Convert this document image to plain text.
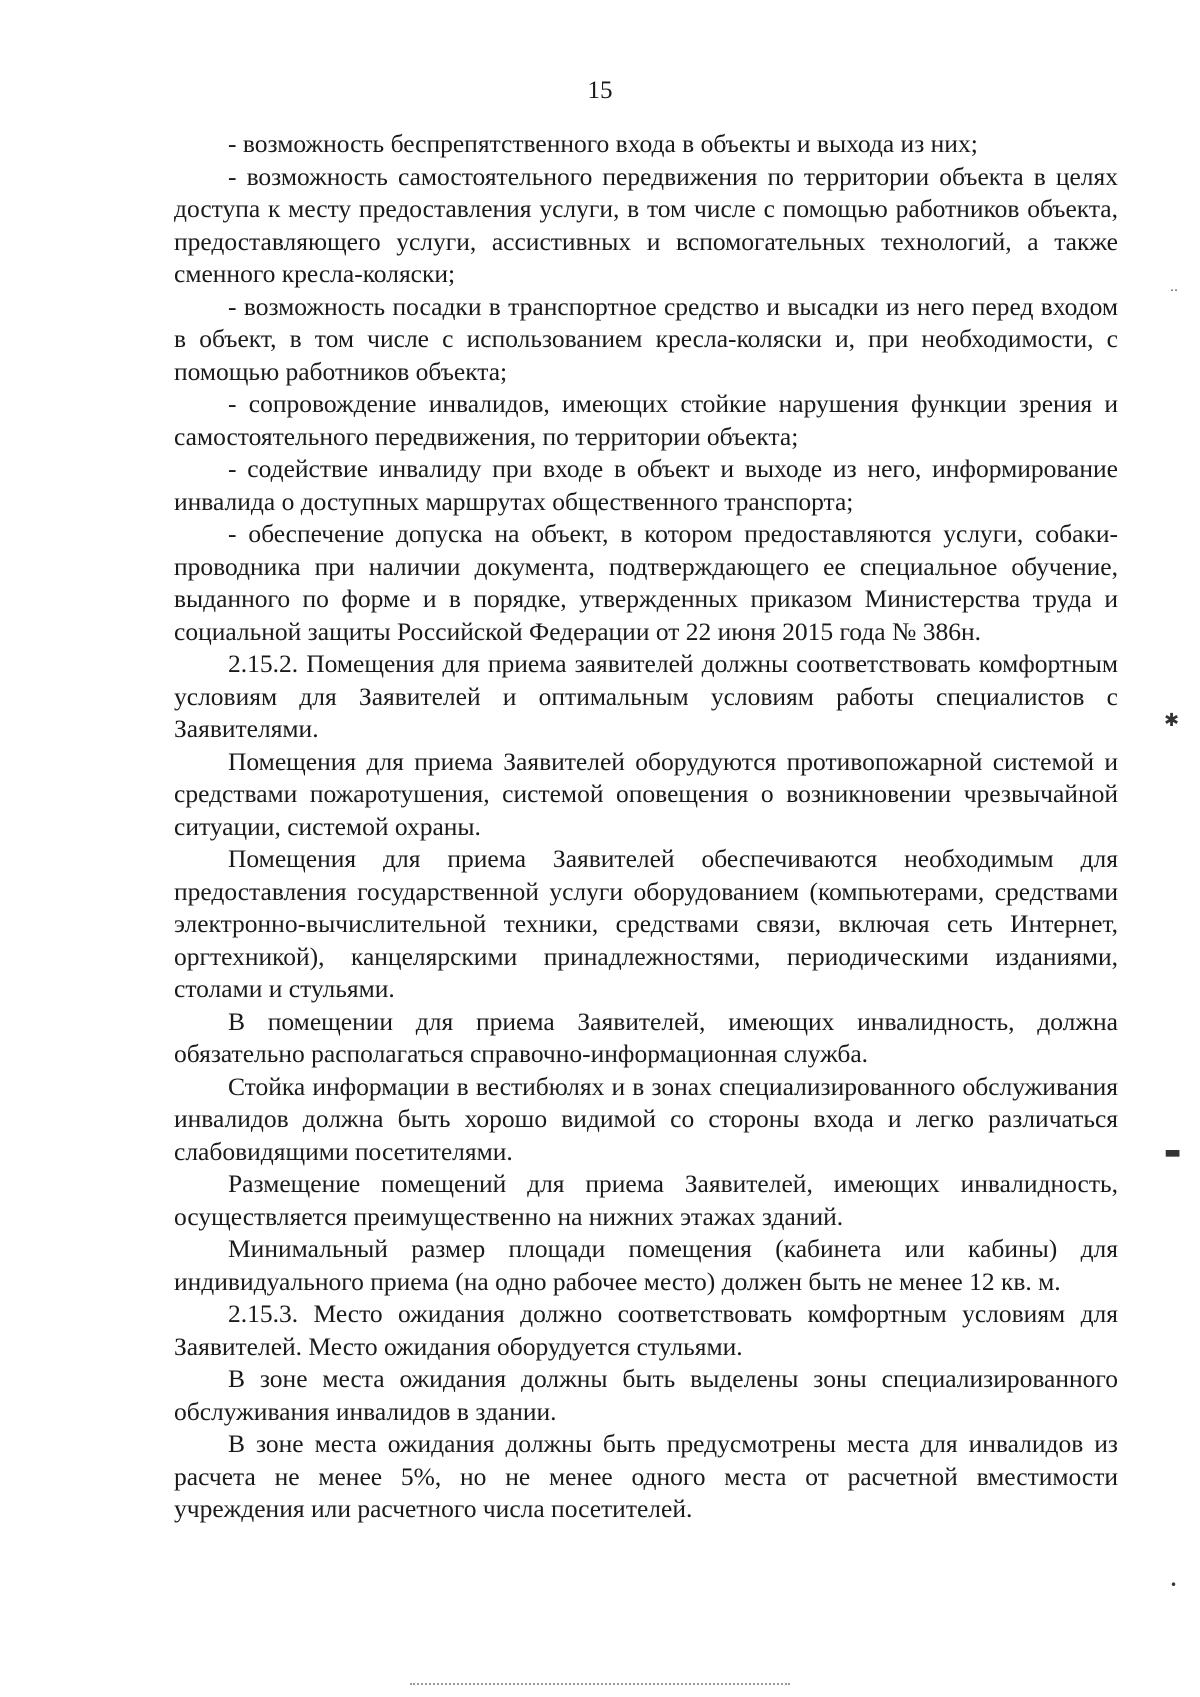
15

- возможность беспрепятственного входа в объекты и выхода из них;

- возможность самостоятельного передвижения по территории объекта в целях доступа к месту предоставления услуги, в том числе с помощью работников объекта, предоставляющего услуги, ассистивных и вспомогательных технологий, а также сменного кресла-коляски;

- возможность посадки в транспортное средство и высадки из него перед входом в объект, в том числе с использованием кресла-коляски и, при необходимости, с помощью работников объекта;

- сопровождение инвалидов, имеющих стойкие нарушения функции зрения и самостоятельного передвижения, по территории объекта;

- содействие инвалиду при входе в объект и выходе из него, информирование инвалида о доступных маршрутах общественного транспорта;

- обеспечение допуска на объект, в котором предоставляются услуги, собаки-проводника при наличии документа, подтверждающего ее специальное обучение, выданного по форме и в порядке, утвержденных приказом Министерства труда и социальной защиты Российской Федерации от 22 июня 2015 года № 386н.

2.15.2. Помещения для приема заявителей должны соответствовать комфортным условиям для Заявителей и оптимальным условиям работы специалистов с Заявителями.

Помещения для приема Заявителей оборудуются противопожарной системой и средствами пожаротушения, системой оповещения о возникновении чрезвычайной ситуации, системой охраны.

Помещения для приема Заявителей обеспечиваются необходимым для предоставления государственной услуги оборудованием (компьютерами, средствами электронно-вычислительной техники, средствами связи, включая сеть Интернет, оргтехникой), канцелярскими принадлежностями, периодическими изданиями, столами и стульями.

В помещении для приема Заявителей, имеющих инвалидность, должна обязательно располагаться справочно-информационная служба.

Стойка информации в вестибюлях и в зонах специализированного обслуживания инвалидов должна быть хорошо видимой со стороны входа и легко различаться слабовидящими посетителями.

Размещение помещений для приема Заявителей, имеющих инвалидность, осуществляется преимущественно на нижних этажах зданий.

Минимальный размер площади помещения (кабинета или кабины) для индивидуального приема (на одно рабочее место) должен быть не менее 12 кв. м.

2.15.3. Место ожидания должно соответствовать комфортным условиям для Заявителей. Место ожидания оборудуется стульями.

В зоне места ожидания должны быть выделены зоны специализированного обслуживания инвалидов в здании.

В зоне места ожидания должны быть предусмотрены места для инвалидов из расчета не менее 5%, но не менее одного места от расчетной вместимости учреждения или расчетного числа посетителей.

․․
✱
▬
•
